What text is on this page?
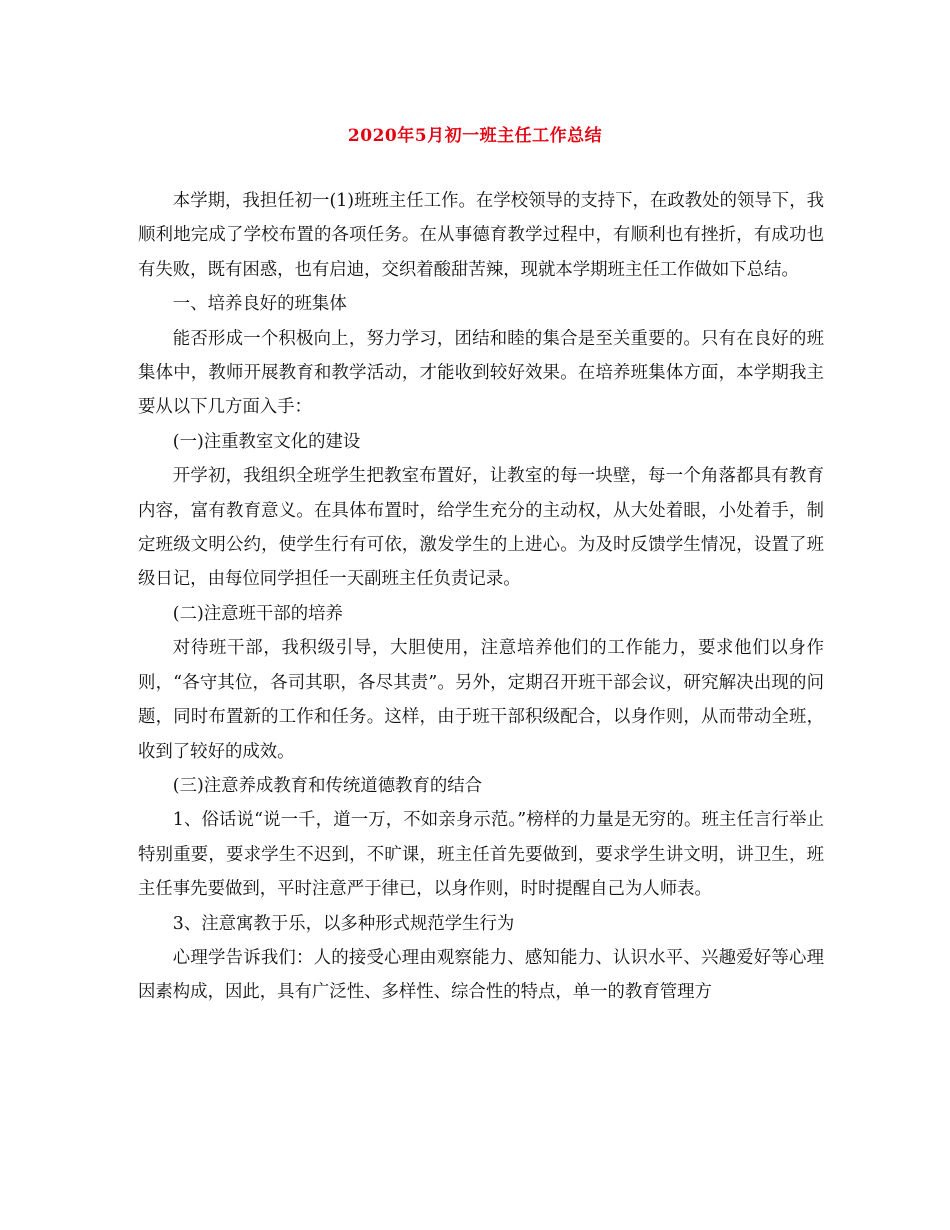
2020年5月初一班主任工作总结

本学期，我担任初一(1)班班主任工作。在学校领导的支持下，在政教处的领导下，我顺利地完成了学校布置的各项任务。在从事德育教学过程中，有顺利也有挫折，有成功也有失败，既有困惑，也有启迪，交织着酸甜苦辣，现就本学期班主任工作做如下总结。

一、培养良好的班集体

能否形成一个积极向上，努力学习，团结和睦的集合是至关重要的。只有在良好的班集体中，教师开展教育和教学活动，才能收到较好效果。在培养班集体方面，本学期我主要从以下几方面入手：

(一)注重教室文化的建设

开学初，我组织全班学生把教室布置好，让教室的每一块壁，每一个角落都具有教育内容，富有教育意义。在具体布置时，给学生充分的主动权，从大处着眼，小处着手，制定班级文明公约，使学生行有可依，激发学生的上进心。为及时反馈学生情况，设置了班级日记，由每位同学担任一天副班主任负责记录。

(二)注意班干部的培养

对待班干部，我积级引导，大胆使用，注意培养他们的工作能力，要求他们以身作则，“各守其位，各司其职，各尽其责”。另外，定期召开班干部会议，研究解决出现的问题，同时布置新的工作和任务。这样，由于班干部积级配合，以身作则，从而带动全班，收到了较好的成效。

(三)注意养成教育和传统道德教育的结合

1、俗话说“说一千，道一万，不如亲身示范。”榜样的力量是无穷的。班主任言行举止特别重要，要求学生不迟到，不旷课，班主任首先要做到，要求学生讲文明，讲卫生，班主任事先要做到，平时注意严于律已，以身作则，时时提醒自己为人师表。

3、注意寓教于乐，以多种形式规范学生行为

心理学告诉我们：人的接受心理由观察能力、感知能力、认识水平、兴趣爱好等心理因素构成，因此，具有广泛性、多样性、综合性的特点，单一的教育管理方
